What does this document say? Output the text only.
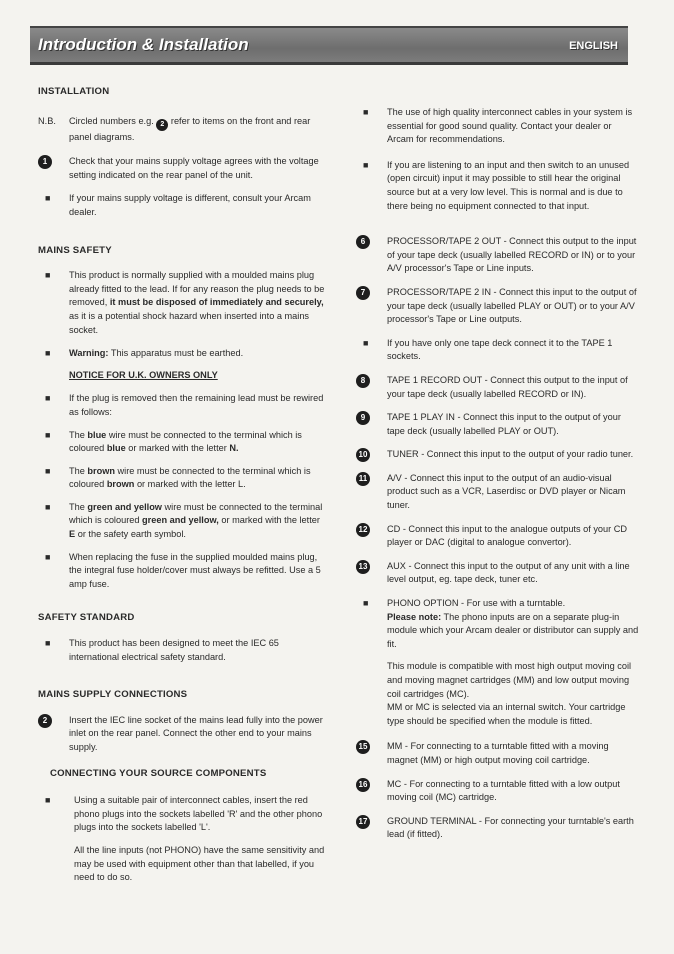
Introduction & Installation	ENGLISH
INSTALLATION
N.B. Circled numbers e.g. 2 refer to items on the front and rear panel diagrams.
1	Check that your mains supply voltage agrees with the voltage setting indicated on the rear panel of the unit.

■ If your mains supply voltage is different, consult your Arcam dealer.

MAINS SAFETY
■ This product is normally supplied with a moulded mains plug already fitted to the lead. If for any reason the plug needs to be removed, it must be disposed of immediately and securely, as it is a potential shock hazard when inserted into a mains socket.

■ Warning: This apparatus must be earthed.

NOTICE FOR U.K. OWNERS ONLY

■ If the plug is removed then the remaining lead must be rewired as follows:

■ The blue wire must be connected to the terminal which is coloured blue or marked with the letter N.

■ The brown wire must be connected to the terminal which is coloured brown or marked with the letter L.

■ The green and yellow wire must be connected to the terminal which is coloured green and yellow, or marked with the letter E or the safety earth symbol.

■ When replacing the fuse in the supplied moulded mains plug, the integral fuse holder/cover must always be refitted. Use a 5 amp fuse.

SAFETY STANDARD
■ This product has been designed to meet the IEC 65 international electrical safety standard.

MAINS SUPPLY CONNECTIONS
2	Insert the IEC line socket of the mains lead fully into the power inlet on the rear panel. Connect the other end to your mains supply.

CONNECTING YOUR SOURCE COMPONENTS
■	Using a suitable pair of interconnect cables, insert the red phono plugs into the sockets labelled 'R' and the other phono plugs into the sockets labelled 'L'.

All the line inputs (not PHONO) have the same sensitivity and may be used with equipment other than that labelled, if you need to do so.

■ The use of high quality interconnect cables in your system is essential for good sound quality. Contact your dealer or Arcam for recommendations.

■ If you are listening to an input and then switch to an unused (open circuit) input it may possible to still hear the original source but at a very low level. This is normal and is due to there being no equipment connected to that input.

6	PROCESSOR/TAPE 2 OUT - Connect this output to the input of your tape deck (usually labelled RECORD or IN) or to your A/V processor's Tape or Line inputs.

7	PROCESSOR/TAPE 2 IN - Connect this input to the output of your tape deck (usually labelled PLAY or OUT) or to your A/V processor's Tape or Line outputs.

■ If you have only one tape deck connect it to the TAPE 1 sockets.

8	TAPE 1 RECORD OUT - Connect this output to the input of your tape deck (usually labelled RECORD or IN).

9	TAPE 1 PLAY IN - Connect this input to the output of your tape deck (usually labelled PLAY or OUT).

10 TUNER - Connect this input to the output of your radio tuner.

11	A/V - Connect this input to the output of an audio-visual product such as a VCR, Laserdisc or DVD player or Nicam tuner.

12 CD - Connect this input to the analogue outputs of your CD player or DAC (digital to analogue convertor).

13 AUX - Connect this input to the output of any unit with a line level output, eg. tape deck, tuner etc.

■ PHONO OPTION - For use with a turntable.

Please note: The phono inputs are on a separate plug-in module which your Arcam dealer or distributor can supply and fit.

This module is compatible with most high output moving coil and moving magnet cartridges (MM) and low output moving coil cartridges (MC).

MM or MC is selected via an internal switch. Your cartridge type should be specified when the module is fitted.

15 MM - For connecting to a turntable fitted with a moving magnet (MM) or high output moving coil cartridge.

16 MC - For connecting to a turntable fitted with a low output moving coil (MC) cartridge.

17 GROUND TERMINAL - For connecting your turntable's earth lead (if fitted).
